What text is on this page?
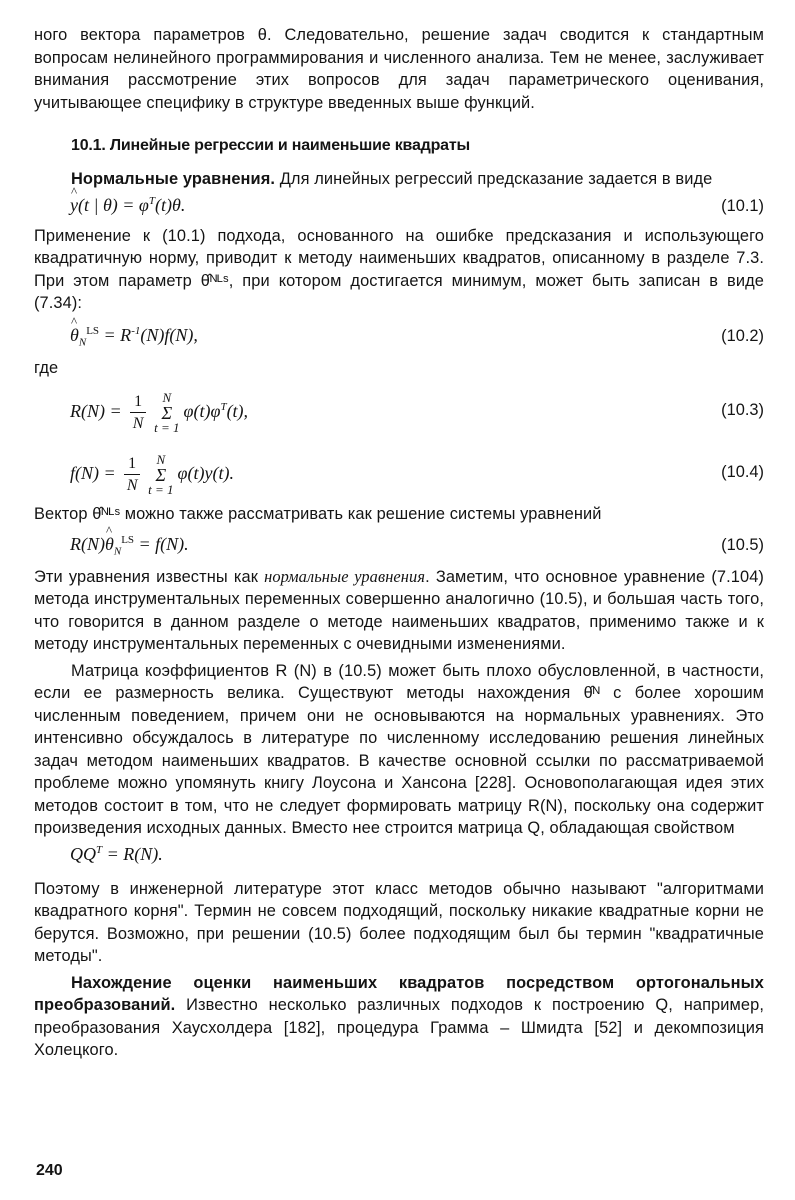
ного вектора параметров θ. Следовательно, решение задач сводится к стандартным вопросам нелинейного программирования и численного анализа. Тем не менее, заслуживает внимания рассмотрение этих вопросов для задач параметрического оценивания, учитывающее специфику в структуре введенных выше функций.

10.1. Линейные регрессии и наименьшие квадраты

Нормальные уравнения. Для линейных регрессий предсказание задается в виде

^ y(t | $\theta) = \varphi^T(t)\theta$.	(10.1)

Применение к (10.1) подхода, основанного на ошибке предсказания и использующего квадратичную норму, приводит к методу наименьших квадратов, описанному в разделе 7.3. При этом параметр θ̂ᴺᴸˢ, при котором достигается минимум, может быть записан в виде (7.34):

^ $\theta_N^{LS} = R^{-1}(N)f(N)$,	(10.2)

где

$R(N) = \frac{1}{N}$ N
Σ
$t = 1\varphi(t)\varphi^T(t)$,	(10.3)
$f(N) = \frac{1}{N}$ N
Σ
t = 1φ(t)y(t).	(10.4)

Вектор θ̂ᴺᴸˢ можно также рассматривать как решение системы уравнений

R(N)^ $\theta_N^{LS} = f(N)$.	(10.5)

Эти уравнения известны как нормальные уравнения. Заметим, что основное уравнение (7.104) метода инструментальных переменных совершенно аналогично (10.5), и большая часть того, что говорится в данном разделе о методе наименьших квадратов, применимо также и к методу инструментальных переменных с очевидными изменениями.

Матрица коэффициентов R (N) в (10.5) может быть плохо обусловленной, в частности, если ее размерность велика. Существуют методы нахождения θ̂ᴺ с более хорошим численным поведением, причем они не основываются на нормальных уравнениях. Это интенсивно обсуждалось в литературе по численному исследованию решения линейных задач методом наименьших квадратов. В качестве основной ссылки по рассматриваемой проблеме можно упомянуть книгу Лоусона и Хансона [228]. Основополагающая идея этих методов состоит в том, что не следует формировать матрицу R(N), поскольку она содержит произведения исходных данных. Вместо нее строится матрица Q, обладающая свойством

$QQ^T = R(N)$.

Поэтому в инженерной литературе этот класс методов обычно называют "алгоритмами квадратного корня". Термин не совсем подходящий, поскольку никакие квадратные корни не берутся. Возможно, при решении (10.5) более подходящим был бы термин "квадратичные методы".

Нахождение оценки наименьших квадратов посредством ортогональных преобразований. Известно несколько различных подходов к построению Q, например, преобразования Хаусхолдера [182], процедура Грамма – Шмидта [52] и декомпозиция Холецкого.

240
